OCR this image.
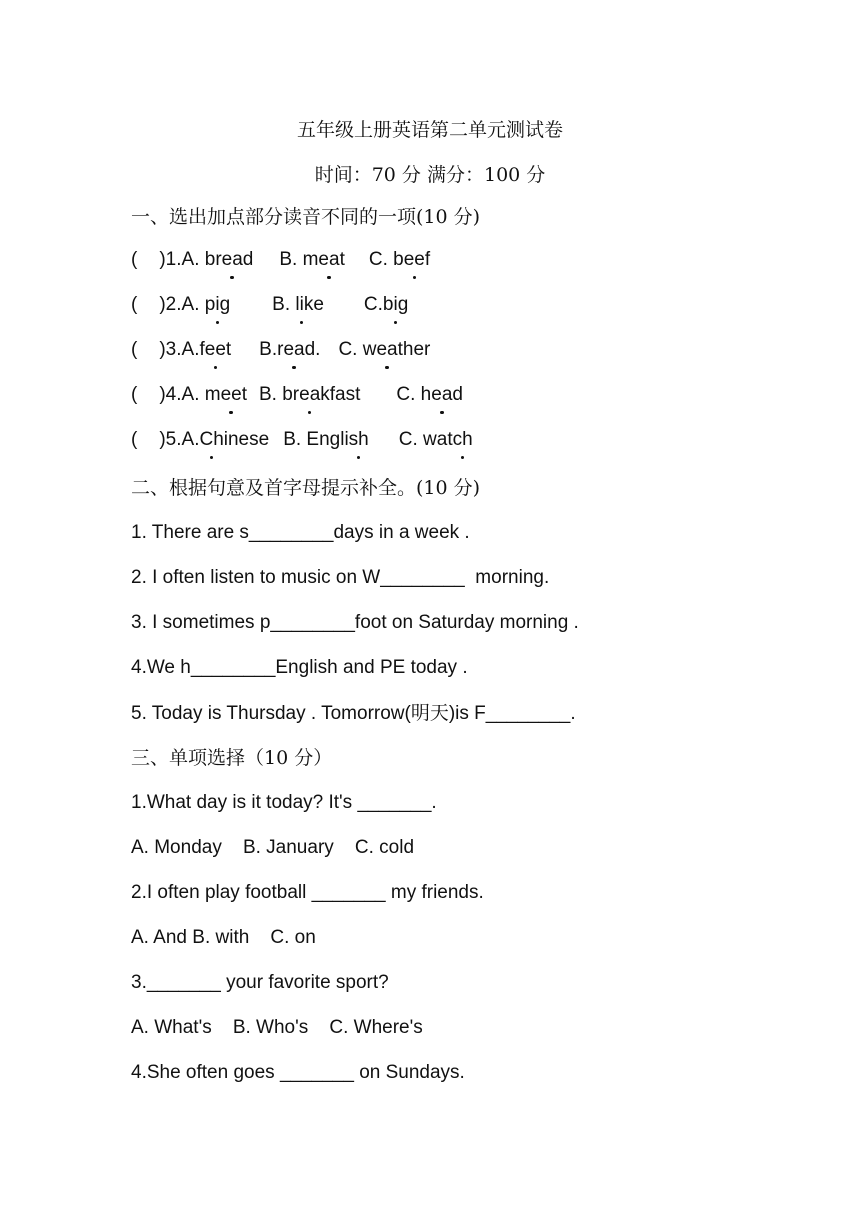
五年级上册英语第二单元测试卷
时间：70 分 满分：100 分
一、选出加点部分读音不同的一项(10 分)
( )1.A. bread B. meat C. beef
( )2.A. pig B. like C.big
( )3.A.feet B.read. C. weather
( )4.A. meet B. breakfast C. head
( )5.A.Chinese B. English C. watch
二、根据句意及首字母提示补全。(10 分)
1. There are s________days in a week .
2. I often listen to music on W________  morning.
3. I sometimes p________foot on Saturday morning .
4.We h________English and PE today .
5. Today is Thursday . Tomorrow(明天)is F________.
三、单项选择（10 分）
1.What day is it today? It's _______.
A. Monday    B. January    C. cold
2.I often play football _______ my friends.
A. And B. with    C. on
3._______ your favorite sport?
A. What's    B. Who's    C. Where's
4.She often goes _______ on Sundays.
